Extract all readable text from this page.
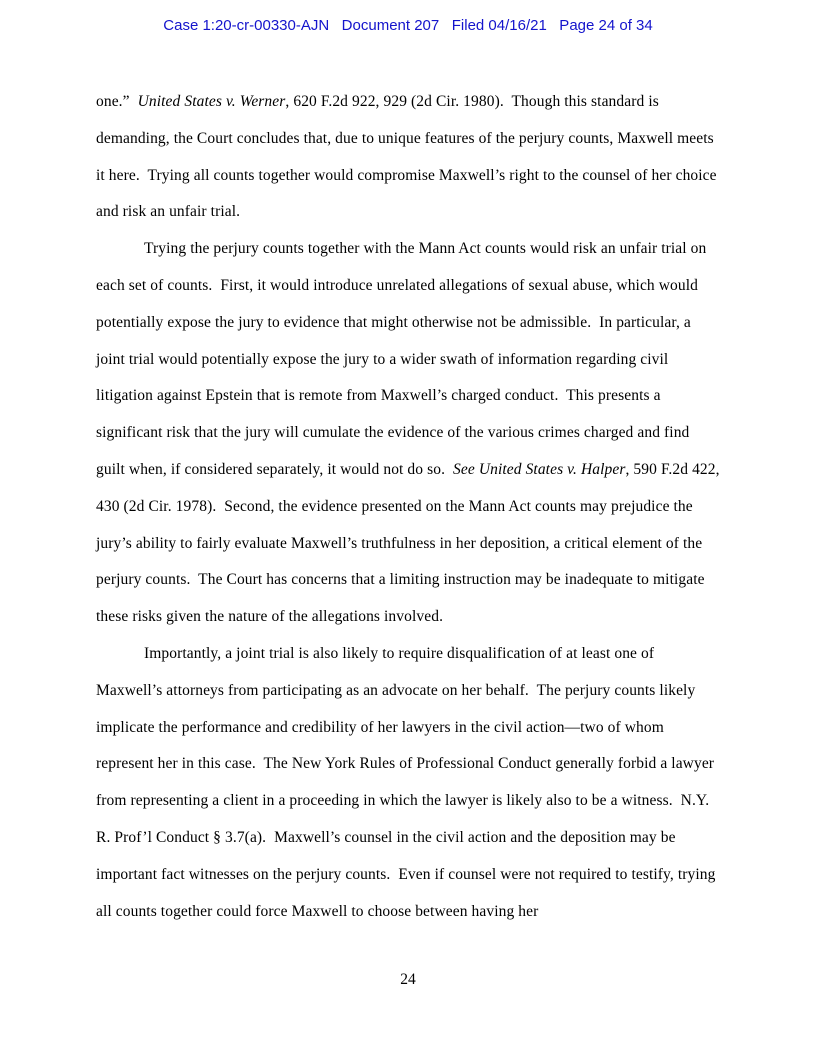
Case 1:20-cr-00330-AJN   Document 207   Filed 04/16/21   Page 24 of 34

one.”  United States v. Werner, 620 F.2d 922, 929 (2d Cir. 1980).  Though this standard is demanding, the Court concludes that, due to unique features of the perjury counts, Maxwell meets it here.  Trying all counts together would compromise Maxwell’s right to the counsel of her choice and risk an unfair trial.

Trying the perjury counts together with the Mann Act counts would risk an unfair trial on each set of counts.  First, it would introduce unrelated allegations of sexual abuse, which would potentially expose the jury to evidence that might otherwise not be admissible.  In particular, a joint trial would potentially expose the jury to a wider swath of information regarding civil litigation against Epstein that is remote from Maxwell’s charged conduct.  This presents a significant risk that the jury will cumulate the evidence of the various crimes charged and find guilt when, if considered separately, it would not do so.  See United States v. Halper, 590 F.2d 422, 430 (2d Cir. 1978).  Second, the evidence presented on the Mann Act counts may prejudice the jury’s ability to fairly evaluate Maxwell’s truthfulness in her deposition, a critical element of the perjury counts.  The Court has concerns that a limiting instruction may be inadequate to mitigate these risks given the nature of the allegations involved.

Importantly, a joint trial is also likely to require disqualification of at least one of Maxwell’s attorneys from participating as an advocate on her behalf.  The perjury counts likely implicate the performance and credibility of her lawyers in the civil action—two of whom represent her in this case.  The New York Rules of Professional Conduct generally forbid a lawyer from representing a client in a proceeding in which the lawyer is likely also to be a witness.  N.Y. R. Prof’l Conduct § 3.7(a).  Maxwell’s counsel in the civil action and the deposition may be important fact witnesses on the perjury counts.  Even if counsel were not required to testify, trying all counts together could force Maxwell to choose between having her

24
